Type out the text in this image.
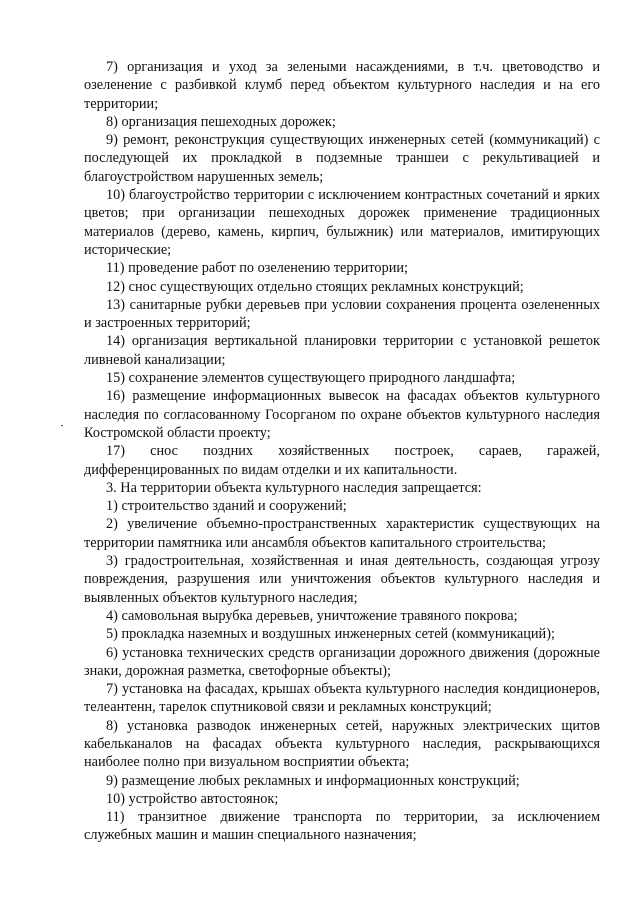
7) организация и уход за зелеными насаждениями, в т.ч. цветоводство и озеленение с разбивкой клумб перед объектом культурного наследия и на его территории;

8) организация пешеходных дорожек;

9) ремонт, реконструкция существующих инженерных сетей (коммуникаций) с последующей их прокладкой в подземные траншеи с рекультивацией и благоустройством нарушенных земель;

10) благоустройство территории с исключением контрастных сочетаний и ярких цветов; при организации пешеходных дорожек применение традиционных материалов (дерево, камень, кирпич, булыжник) или материалов, имитирующих исторические;

11) проведение работ по озеленению территории;

12) снос существующих отдельно стоящих рекламных конструкций;

13) санитарные рубки деревьев при условии сохранения процента озелененных и застроенных территорий;

14) организация вертикальной планировки территории с установкой решеток ливневой канализации;

15) сохранение элементов существующего природного ландшафта;

16) размещение информационных вывесок на фасадах объектов культурного наследия по согласованному Госорганом по охране объектов культурного наследия Костромской области проекту;

17) снос поздних хозяйственных построек, сараев, гаражей, дифференцированных по видам отделки и их капитальности.

3. На территории объекта культурного наследия запрещается:

1) строительство зданий и сооружений;

2) увеличение объемно-пространственных характеристик существующих на территории памятника или ансамбля объектов капитального строительства;

3) градостроительная, хозяйственная и иная деятельность, создающая угрозу повреждения, разрушения или уничтожения объектов культурного наследия и выявленных объектов культурного наследия;

4) самовольная вырубка деревьев, уничтожение травяного покрова;

5) прокладка наземных и воздушных инженерных сетей (коммуникаций);

6) установка технических средств организации дорожного движения (дорожные знаки, дорожная разметка, светофорные объекты);

7) установка на фасадах, крышах объекта культурного наследия кондиционеров, телеантенн, тарелок спутниковой связи и рекламных конструкций;

8) установка разводок инженерных сетей, наружных электрических щитов кабельканалов на фасадах объекта культурного наследия, раскрывающихся наиболее полно при визуальном восприятии объекта;

9) размещение любых рекламных и информационных конструкций;

10) устройство автостоянок;

11) транзитное движение транспорта по территории, за исключением служебных машин и машин специального назначения;
